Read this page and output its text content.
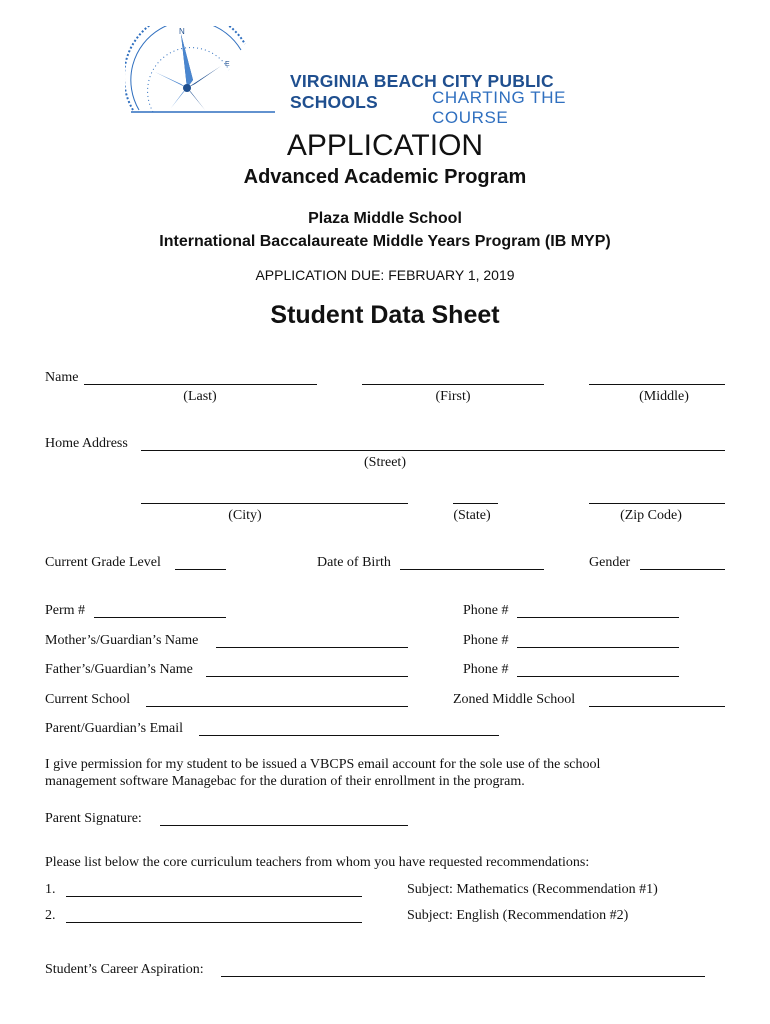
N
E
VIRGINIA BEACH CITY PUBLIC SCHOOLS	CHARTING THE COURSE
APPLICATION
Advanced Academic Program
Plaza Middle School
International Baccalaureate Middle Years Program (IB MYP)
APPLICATION DUE: FEBRUARY 1, 2019
Student Data Sheet
Name
(Last)	(First)	(Middle)
Home Address
(Street)
(City)	(State)	(Zip Code)
Current Grade Level	Date of Birth	Gender
Perm #	Phone #
Mother’s/Guardian’s Name	Phone #
Father’s/Guardian’s Name	Phone #
Current School	Zoned Middle School
Parent/Guardian’s Email
I give permission for my student to be issued a VBCPS email account for the sole use of the school
management software Managebac for the duration of their enrollment in the program.
Parent Signature:
Please list below the core curriculum teachers from whom you have requested recommendations:
1.	Subject: Mathematics (Recommendation #1)
2.	Subject: English (Recommendation #2)
Student’s Career Aspiration:
